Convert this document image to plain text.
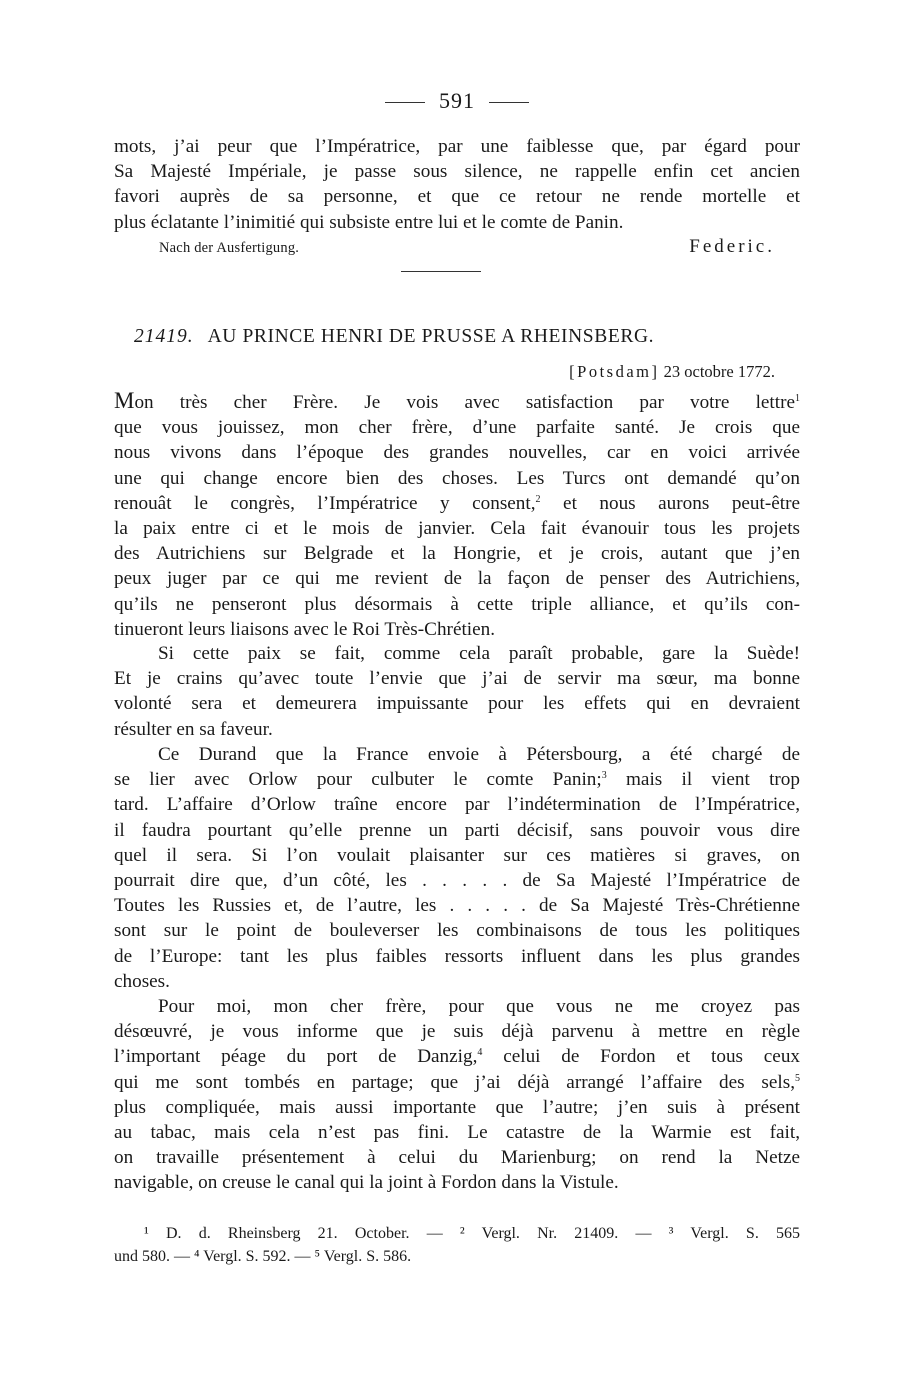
591
mots, j’ai peur que l’Impératrice, par une faiblesse que, par égard pour
Sa Majesté Impériale, je passe sous silence, ne rappelle enfin cet ancien
favori auprès de sa personne, et que ce retour ne rende mortelle et
plus éclatante l’inimitié qui subsiste entre lui et le comte de Panin.
Nach der Ausfertigung.	Federic.
21419. AU PRINCE HENRI DE PRUSSE A RHEINSBERG.
[Potsdam] 23 octobre 1772.
Mon très cher Frère. Je vois avec satisfaction par votre lettre$^1$
que vous jouissez, mon cher frère, d’une parfaite santé. Je crois que
nous vivons dans l’époque des grandes nouvelles, car en voici arrivée
une qui change encore bien des choses. Les Turcs ont demandé qu’on
renouât le congrès, l’Impératrice y consent,$^2$ et nous aurons peut-être
la paix entre ci et le mois de janvier. Cela fait évanouir tous les projets
des Autrichiens sur Belgrade et la Hongrie, et je crois, autant que j’en
peux juger par ce qui me revient de la façon de penser des Autrichiens,
qu’ils ne penseront plus désormais à cette triple alliance, et qu’ils con-
tinueront leurs liaisons avec le Roi Très-Chrétien.
Si cette paix se fait, comme cela paraît probable, gare la Suède!
Et je crains qu’avec toute l’envie que j’ai de servir ma sœur, ma bonne
volonté sera et demeurera impuissante pour les effets qui en devraient
résulter en sa faveur.
Ce Durand que la France envoie à Pétersbourg, a été chargé de
se lier avec Orlow pour culbuter le comte Panin;$^3$ mais il vient trop
tard. L’affaire d’Orlow traîne encore par l’indétermination de l’Impératrice,
il faudra pourtant qu’elle prenne un parti décisif, sans pouvoir vous dire
quel il sera. Si l’on voulait plaisanter sur ces matières si graves, on
pourrait dire que, d’un côté, les . . . . . de Sa Majesté l’Impératrice de
Toutes les Russies et, de l’autre, les . . . . . de Sa Majesté Très-Chrétienne
sont sur le point de bouleverser les combinaisons de tous les politiques
de l’Europe: tant les plus faibles ressorts influent dans les plus grandes
choses.
Pour moi, mon cher frère, pour que vous ne me croyez pas
désœuvré, je vous informe que je suis déjà parvenu à mettre en règle
l’important péage du port de Danzig,$^4$ celui de Fordon et tous ceux
qui me sont tombés en partage; que j’ai déjà arrangé l’affaire des sels,$^5$
plus compliquée, mais aussi importante que l’autre; j’en suis à présent
au tabac, mais cela n’est pas fini. Le catastre de la Warmie est fait,
on travaille présentement à celui du Marienburg; on rend la Netze
navigable, on creuse le canal qui la joint à Fordon dans la Vistule.
¹ D. d. Rheinsberg 21. October. — ² Vergl. Nr. 21409. — ³ Vergl. S. 565
und 580. — ⁴ Vergl. S. 592. — ⁵ Vergl. S. 586.
